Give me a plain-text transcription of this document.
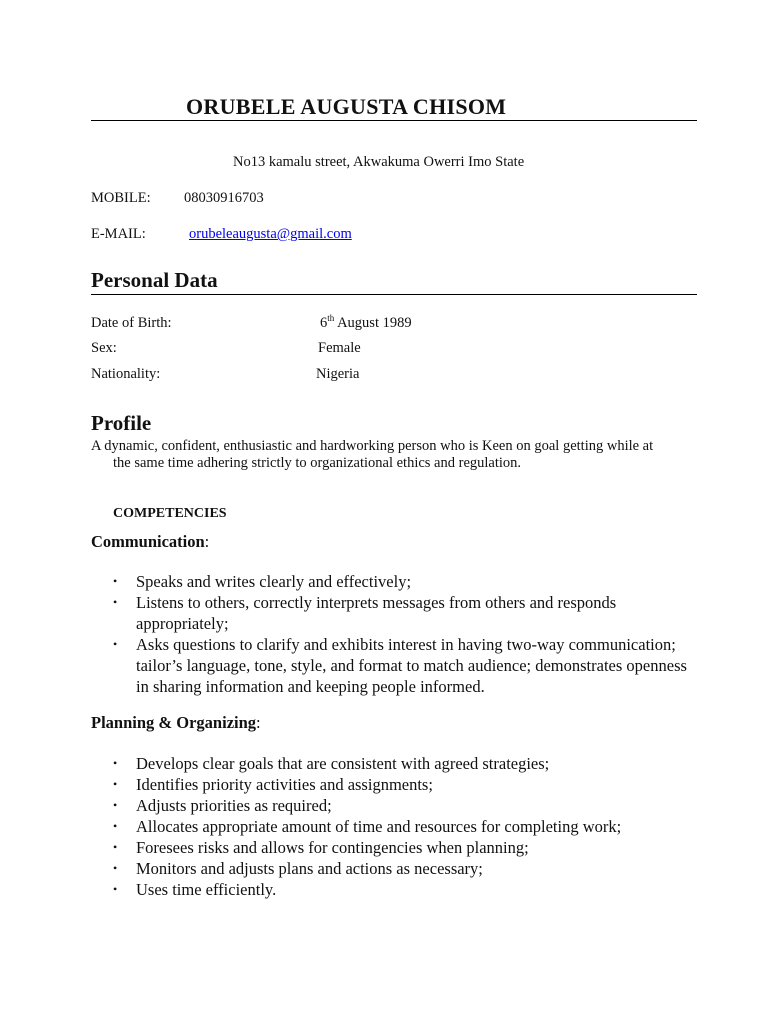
ORUBELE AUGUSTA CHISOM
No13 kamalu street, Akwakuma Owerri Imo State
MOBILE: 08030916703
E-MAIL:	orubeleaugusta@gmail.com
Personal Data
Date of Birth:	6th August 1989
Sex:	Female
Nationality:	Nigeria
Profile
A dynamic, confident, enthusiastic and hardworking person who is Keen on goal getting while at
the same time adhering strictly to organizational ethics and regulation.
COMPETENCIES
Communication:
• Speaks and writes clearly and effectively;
• Listens to others, correctly interprets messages from others and responds appropriately;
• Asks questions to clarify and exhibits interest in having two-way communication; tailor’s language, tone, style, and format to match audience; demonstrates openness in sharing information and keeping people informed.
Planning & Organizing:
• Develops clear goals that are consistent with agreed strategies;
• Identifies priority activities and assignments;
• Adjusts priorities as required;
• Allocates appropriate amount of time and resources for completing work;
• Foresees risks and allows for contingencies when planning;
• Monitors and adjusts plans and actions as necessary;
• Uses time efficiently.
